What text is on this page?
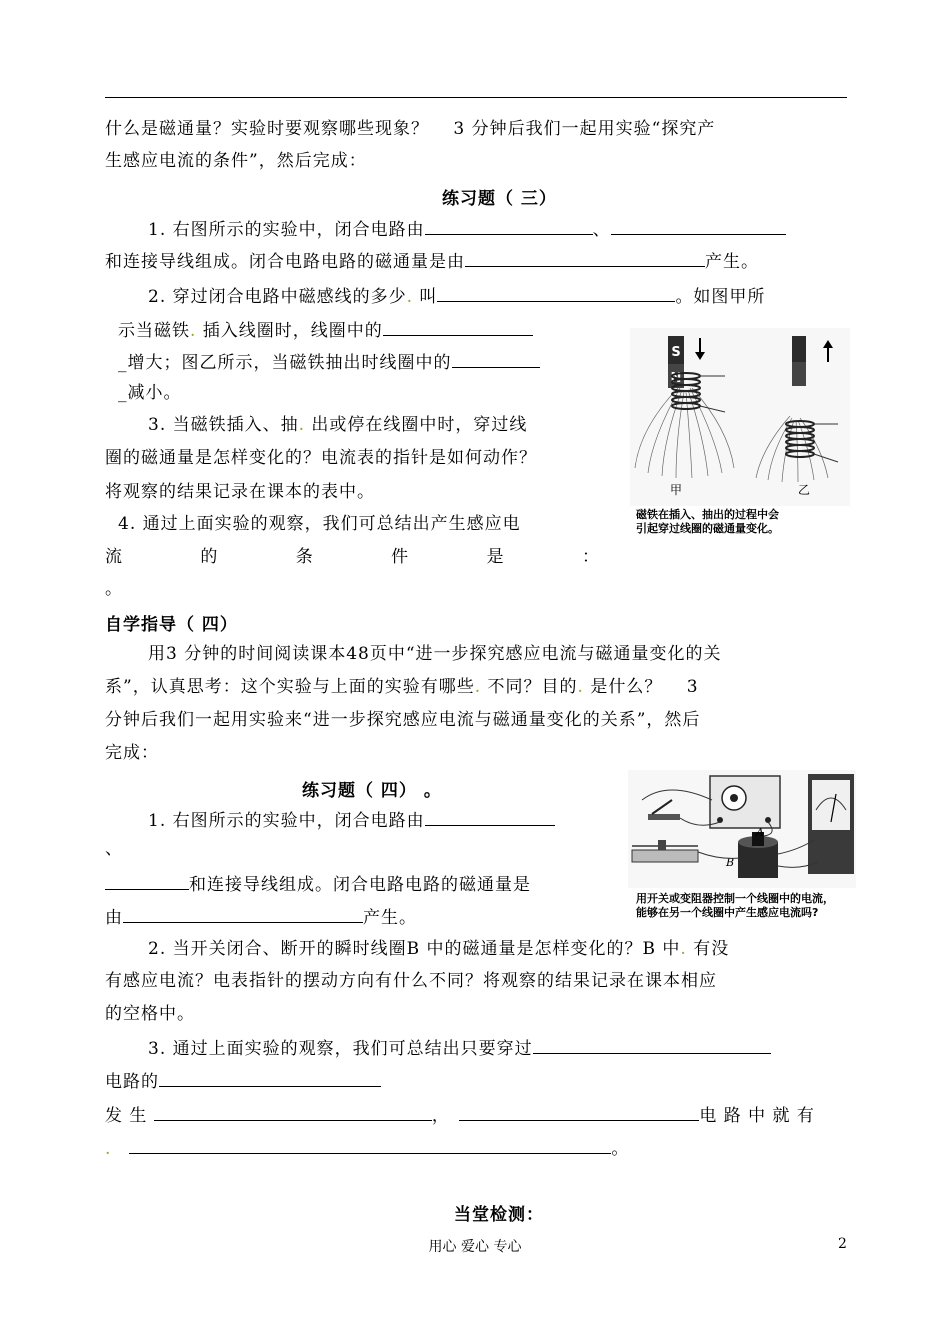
什么是磁通量？实验时要观察哪些现象？　 3 分钟后我们一起用实验“探究产
生感应电流的条件”，然后完成：
练习题（ 三）
1. 右图所示的实验中，闭合电路由	、
和连接导线组成。闭合电路电路的磁通量是由	产生。
2. 穿过闭合电路中磁感线的多少. 叫	。如图甲所
示当磁铁. 插入线圈时，线圈中的
_增大；图乙所示，当磁铁抽出时线圈中的
_减小。
3. 当磁铁插入、抽. 出或停在线圈中时，穿过线
圈的磁通量是怎样变化的？电流表的指针是如何动作？
将观察的结果记录在课本的表中。
4. 通过上面实验的观察，我们可总结出产生感应电
流	的	条	件	是	：
。
S
N
甲	乙
磁铁在插入、抽出的过程中会
引起穿过线圈的磁通量变化。
自学指导（ 四）
用3 分钟的时间阅读课本48页中“进一步探究感应电流与磁通量变化的关
系”，认真思考：这个实验与上面的实验有哪些. 不同？目的. 是什么？　 3
分钟后我们一起用实验来“进一步探究感应电流与磁通量变化的关系”，然后
完成：
练习题（ 四） 。
1. 右图所示的实验中，闭合电路由
、
和连接导线组成。闭合电路电路的磁通量是
由	产生。
A
B
用开关或变阻器控制一个线圈中的电流，
能够在另一个线圈中产生感应电流吗?
2. 当开关闭合、断开的瞬时线圈B 中的磁通量是怎样变化的？B 中. 有没
有感应电流？电表指针的摆动方向有什么不同？将观察的结果记录在课本相应
的空格中。
3. 通过上面实验的观察，我们可总结出只要穿过
电路的
发 生	，　	电 路 中 就 有
.　	。
当堂检测：
用心 爱心 专心	2
